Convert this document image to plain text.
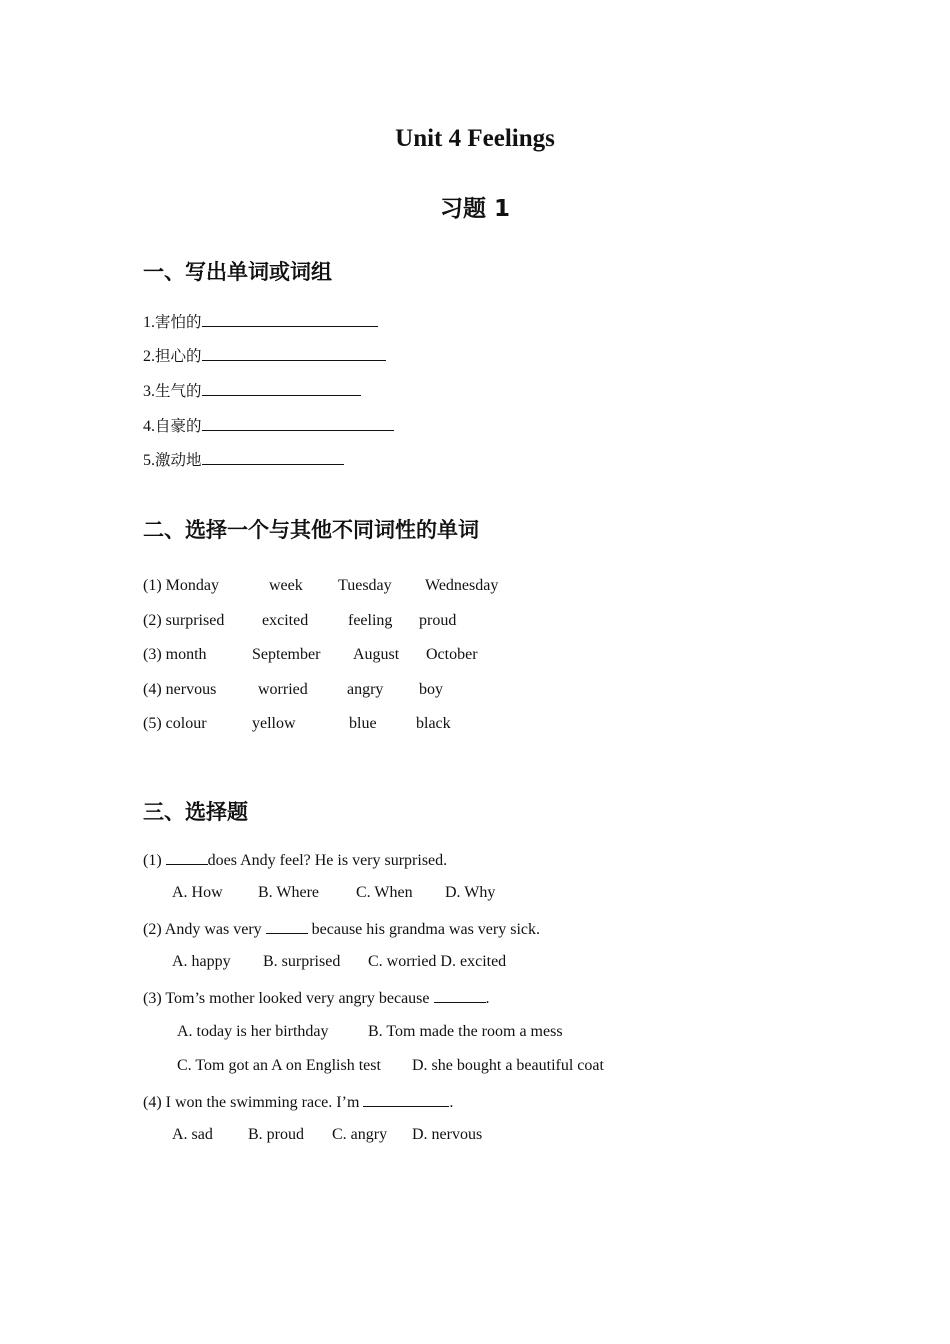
Unit 4 Feelings
习题 1
一、写出单词或词组
1.害怕的
2.担心的
3.生气的
4.自豪的
5.激动地
二、选择一个与其他不同词性的单词
(1) Monday	week Tuesday Wednesday
(2) surprised excited feeling proud
(3) month	September August October
(4) nervous	worried angry boy
(5) colour	yellow	blue black
三、选择题
(1)	does Andy feel? He is very surprised.
A. How B. Where C. When D. Why
(2) Andy was very	because his grandma was very sick.
A. happy B. surprised C. worried D. excited
(3) Tom’s mother looked very angry because	.
A. today is her birthday B. Tom made the room a mess
C. Tom got an A on English test D. she bought a beautiful coat
(4) I won the swimming race. I’m	.
A. sad B. proud C. angry D. nervous
